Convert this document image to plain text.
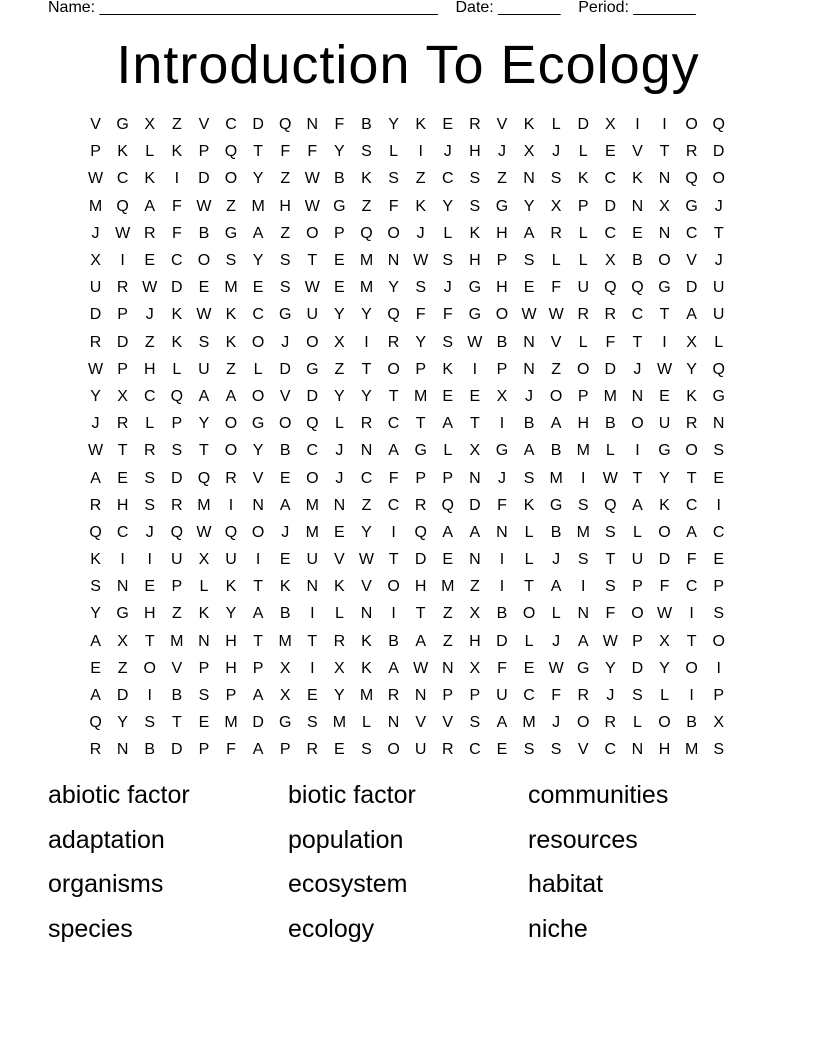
Name: ______________________________________    Date: _______    Period: _______
Introduction To Ecology
V G X	Z	V C D Q N	F	B	Y	K	E R V	K	L	D X	I	I	O Q
P	K	L	K	P Q T	F	F	Y	S	L	I	J	H	J	X	J	L	E	V	T	R D
W C K	I	D O Y	Z W B	K	S	Z	C S	Z	N S	K C K N Q O
M Q A	F W Z M H W G Z	F	K	Y	S G Y	X	P D N X G	J
J W R	F	B G A	Z O P Q O	J	L	K H A R	L	C E N C	T
X	I	E C O S	Y	S	T	E M N W S H P	S	L	L	X	B O V	J
U R W D E M E	S W E M Y	S	J	G H E	F	U Q Q G D U
D P	J	K W K C G U Y	Y Q F	F G O W W R R C	T	A U
R D	Z	K	S	K O	J	O X	I	R Y	S W B N V	L	F	T	I	X	L
W P H	L	U	Z	L	D G Z	T O P	K	I	P N	Z O D	J W Y Q
Y	X C Q A	A O V D Y	Y	T M E	E	X	J	O P M N E	K G
J	R	L	P	Y O G O Q	L	R C	T	A	T	I	B	A H B O U R N
W T	R S	T O Y	B C	J	N A G	L	X G A	B M L	I	G O S
A	E	S D Q R V	E O	J	C	F	P	P N	J	S M	I	W T	Y	T	E
R H S R M	I	N A M N	Z	C R Q D	F	K G S Q A	K C	I
Q C	J	Q W Q O	J	M E	Y	I	Q A	A N	L	B M S	L	O A C
K	I	I	U X U	I	E U V W T	D E N	I	L	J	S	T	U D	F	E
S N E	P	L	K	T	K N K	V O H M Z	I	T	A	I	S	P	F	C P
Y G H	Z	K	Y	A	B	I	L	N	I	T	Z	X	B O	L	N	F O W	I	S
A	X	T M N H	T M T	R K	B	A	Z	H D	L	J	A W P	X	T O
E	Z O V	P H P	X	I	X	K	A W N X	F	E W G Y D Y O	I
A D	I	B	S	P	A	X	E	Y M R N P	P U C	F	R	J	S	L	I	P
Q Y	S	T	E M D G S M L	N V	V	S	A M	J	O R	L	O B	X
R N B D P	F	A	P R E	S O U R C E	S	S	V C N H M S
abiotic factor	biotic factor	communities
adaptation	population	resources
organisms	ecosystem	habitat
species	ecology	niche
